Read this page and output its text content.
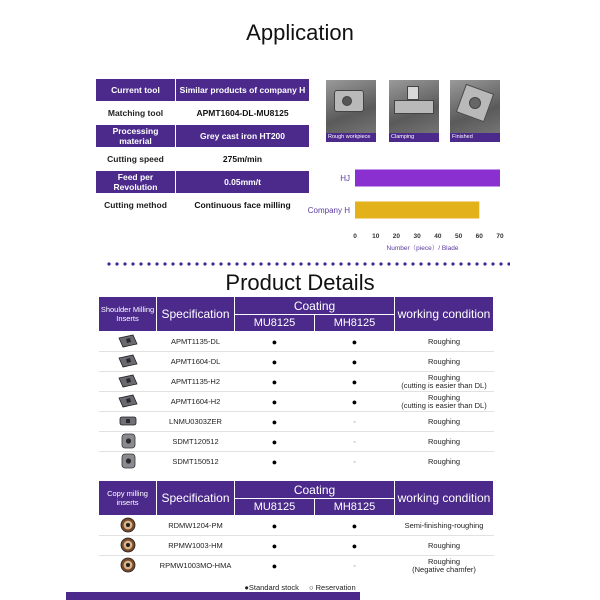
Application
Current tool	Similar products of company H
Matching tool	APMT1604-DL-MU8125
Processing material	Grey cast iron HT200
Cutting speed	275m/min
Feed per Revolution	0.05mm/t
Cutting method	Continuous face milling
Rough workpiece	Clamping	Finished
HJ
Company H
0 10 20 30 40 50 60 70
Number（piece）/ Blade
Product Details
Shoulder Milling Inserts	Specification	Coating		working condition
		MU8125	MH8125	
	APMT1135-DL	●	●	Roughing

	APMT1604-DL	●	●	Roughing

	APMT1135-H2	●	●	Roughing
(cutting is easier than DL)

	APMT1604-H2	●	●	Roughing
(cutting is easier than DL)

	LNMU0303ZER	●	◦	Roughing

	SDMT120512	●	◦	Roughing

	SDMT150512	●	◦	Roughing
Copy milling inserts	Specification	Coating		working condition
		MU8125	MH8125	
	RDMW1204-PM	●	●	Semi-finishing-roughing

	RPMW1003-HM	●	●	Roughing

	RPMW1003MO-HMA	●	◦	Roughing
(Negative chamfer)
●Standard stock ○ Reservation
